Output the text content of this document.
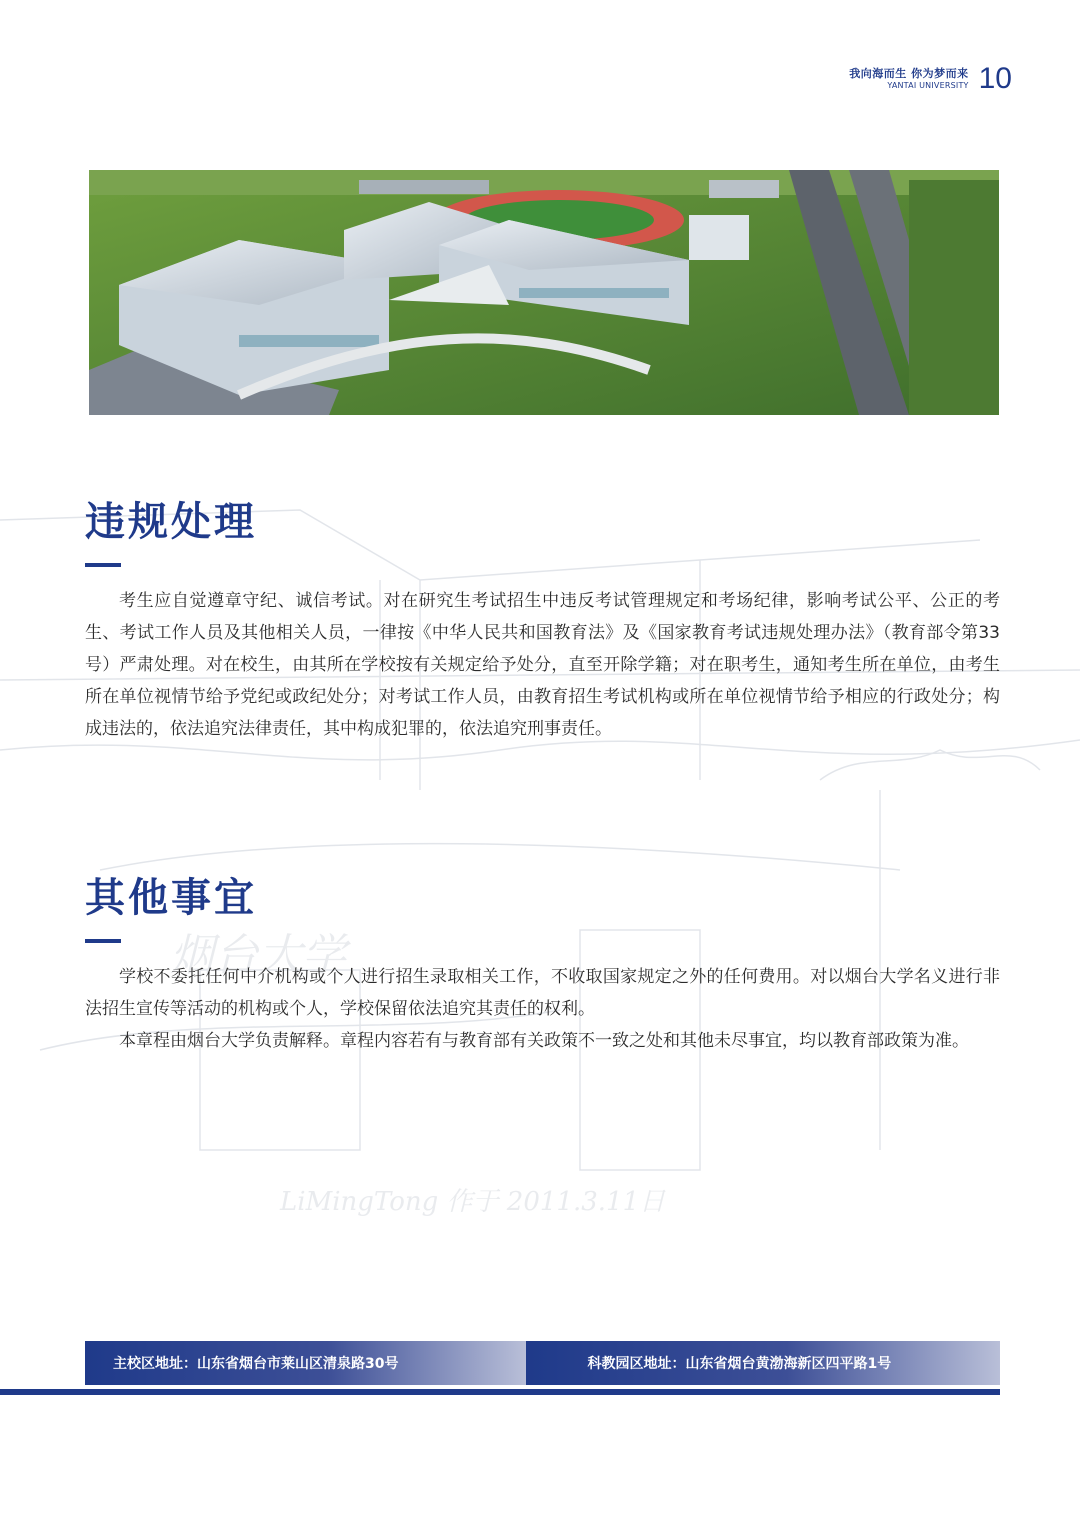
我向海而生 你为梦而来
YANTAI UNIVERSITY 10
烟台大学
LiMingTong 作于 2011.3.11日
违规处理

考生应自觉遵章守纪、诚信考试。对在研究生考试招生中违反考试管理规定和考场纪律，影响考试公平、公正的考生、考试工作人员及其他相关人员，一律按《中华人民共和国教育法》及《国家教育考试违规处理办法》（教育部令第33号）严肃处理。对在校生，由其所在学校按有关规定给予处分，直至开除学籍；对在职考生，通知考生所在单位，由考生所在单位视情节给予党纪或政纪处分；对考试工作人员，由教育招生考试机构或所在单位视情节给予相应的行政处分；构成违法的，依法追究法律责任，其中构成犯罪的，依法追究刑事责任。

其他事宜

学校不委托任何中介机构或个人进行招生录取相关工作，不收取国家规定之外的任何费用。对以烟台大学名义进行非法招生宣传等活动的机构或个人，学校保留依法追究其责任的权利。

本章程由烟台大学负责解释。章程内容若有与教育部有关政策不一致之处和其他未尽事宜，均以教育部政策为准。

主校区地址：山东省烟台市莱山区清泉路30号	科教园区地址：山东省烟台黄渤海新区四平路1号
